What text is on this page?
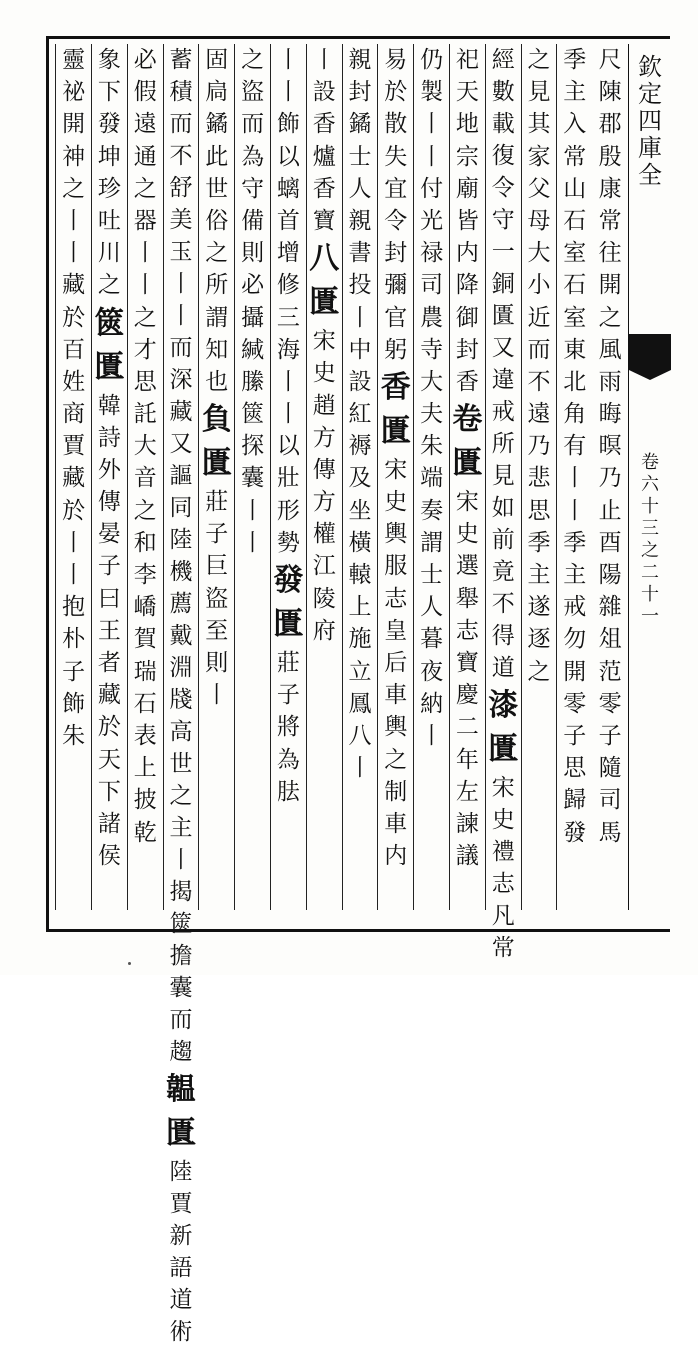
尺
陳
郡
殷
康
常
往
開
之
風
雨
晦
暝
乃
止
酉
陽
雜
俎
范
零
子
隨
司
馬
季
主
入
常
山
石
室
石
室
東
北
角
有
丨
丨
季
主
戒
勿
開
零
子
思
歸
發
之
見
其
家
父
母
大
小
近
而
不
遠
乃
悲
思
季
主
遂
逐
之
經
數
載
復
令
守
一
銅
匱
又
違
戒
所
見
如
前
竟
不
得
道
漆
匱
宋
史
禮
志
凡
常
祀
天
地
宗
廟
皆
内
降
御
封
香
卷
匱
宋
史
選
舉
志
寶
慶
二
年
左
諫
議
仍
製
丨
丨
付
光
禄
司
農
寺
大
夫
朱
端
奏
謂
士
人
暮
夜
納
丨
易
於
散
失
宜
令
封
彌
官
躬
香
匱
宋
史
輿
服
志
皇
后
車
輿
之
制
車
内
親
封
鐍
士
人
親
書
投
丨
中
設
紅
褥
及
坐
橫
轅
上
施
立
鳳
八
丨
丨
設
香
爐
香
寶
八
匱
宋
史
趙
方
傳
方
權
江
陵
府
丨
丨
飾
以
螭
首
增
修
三
海
丨
丨
以
壯
形
勢
發
匱
莊
子
將
為
胠
之
盜
而
為
守
備
則
必
攝
緘
縢
篋
探
囊
丨
丨
固
扃
鐍
此
世
俗
之
所
謂
知
也
負
匱
莊
子
巨
盜
至
則
丨
蓄
積
而
不
舒
美
玉
丨
丨
而
深
藏
又
謳
同
陸
機
薦
戴
淵
牋
高
世
之
主
丨
揭
篋
擔
囊
而
趨
韞
匱
陸
賈
新
語
道
術
必
假
遠
通
之
器
丨
丨
之
才
思
託
大
音
之
和
李
嶠
賀
瑞
石
表
上
披
乾
象
下
發
坤
珍
吐
川
之
篋
匱
韓
詩
外
傳
晏
子
曰
王
者
藏
於
天
下
諸
侯
靈
祕
開
神
之
丨
丨
藏
於
百
姓
商
賈
藏
於
丨
丨
抱
朴
子
飾
朱
欽
定
四
庫
全
卷
六
十
三
之
二
十
一
